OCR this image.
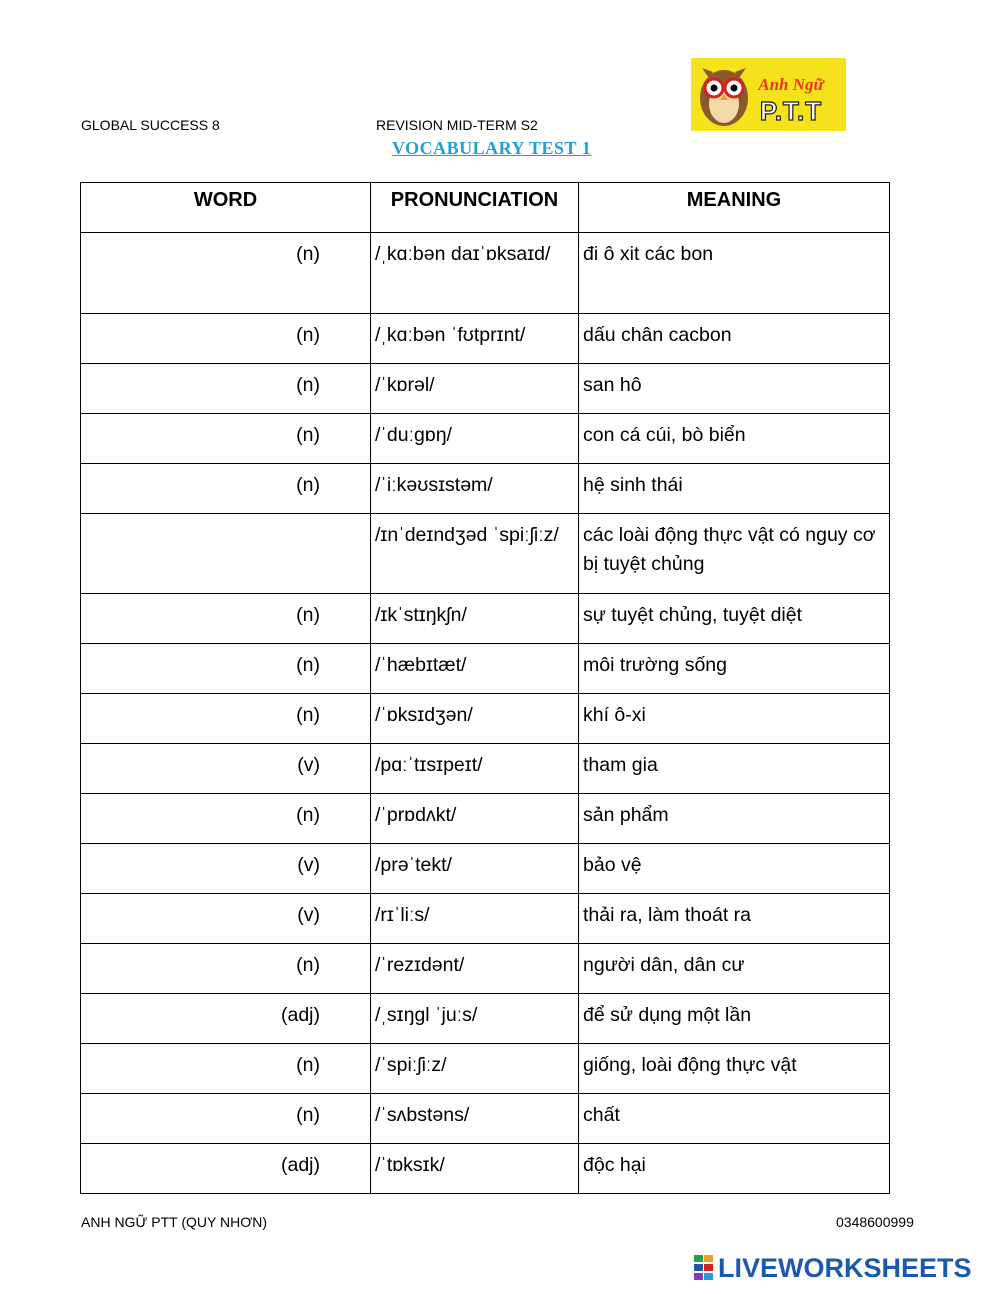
GLOBAL SUCCESS 8	REVISION MID-TERM S2
VOCABULARY TEST 1
Anh Ngữ
P.T.T
WORD	PRONUNCIATION	MEANING
(n)	/ˌkɑːbən daɪˈɒksaɪd/	đi ô xit các bon
(n)	/ˌkɑːbən ˈfʊtprɪnt/	dấu chân cacbon
(n)	/ˈkɒrəl/	san hô
(n)	/ˈduːɡɒŋ/	con cá cúi, bò biển
(n)	/ˈiːkəʊsɪstəm/	hệ sinh thái
	/ɪnˈdeɪndʒəd ˈspiːʃiːz/	các loài động thực vật có nguy cơ bị tuyệt chủng
(n)	/ɪkˈstɪŋkʃn/	sự tuyệt chủng, tuyệt diệt
(n)	/ˈhæbɪtæt/	môi trường sống
(n)	/ˈɒksɪdʒən/	khí ô-xi
(v)	/pɑːˈtɪsɪpeɪt/	tham gia
(n)	/ˈprɒdʌkt/	sản phẩm
(v)	/prəˈtekt/	bảo vệ
(v)	/rɪˈliːs/	thải ra, làm thoát ra
(n)	/ˈrezɪdənt/	người dân, dân cư
(adj)	/ˌsɪŋɡl ˈjuːs/	để sử dụng một lần
(n)	/ˈspiːʃiːz/	giống, loài động thực vật
(n)	/ˈsʌbstəns/	chất
(adj)	/ˈtɒksɪk/	độc hại
ANH NGỮ PTT (QUY NHƠN)	0348600999
LIVEWORKSHEETS
